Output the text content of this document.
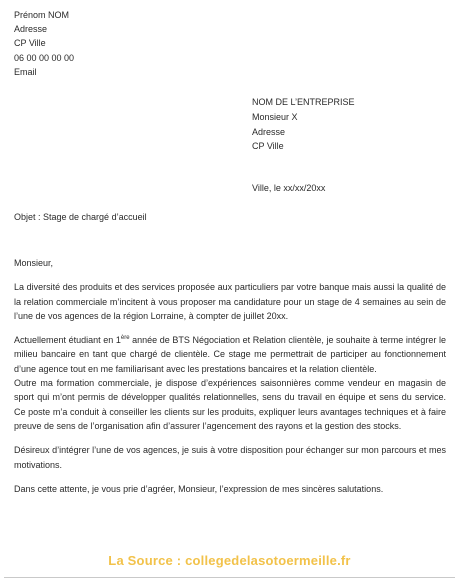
Prénom NOM
Adresse
CP Ville
06 00 00 00 00
Email
NOM DE L’ENTREPRISE
Monsieur X
Adresse
CP Ville
Ville, le xx/xx/20xx
Objet : Stage de chargé d’accueil

Monsieur,

La diversité des produits et des services proposée aux particuliers par votre banque mais aussi la qualité de la relation commerciale m’incitent à vous proposer ma candidature pour un stage de 4 semaines au sein de l’une de vos agences de la région Lorraine, à compter de juillet 20xx.

Actuellement étudiant en 1ère année de BTS Négociation et Relation clientèle, je souhaite à terme intégrer le milieu bancaire en tant que chargé de clientèle. Ce stage me permettrait de participer au fonctionnement d’une agence tout en me familiarisant avec les prestations bancaires et la relation clientèle.

Outre ma formation commerciale, je dispose d’expériences saisonnières comme vendeur en magasin de sport qui m’ont permis de développer qualités relationnelles, sens du travail en équipe et sens du service. Ce poste m’a conduit à conseiller les clients sur les produits, expliquer leurs avantages techniques et à faire preuve de sens de l’organisation afin d’assurer l’agencement des rayons et la gestion des stocks.

Désireux d’intégrer l’une de vos agences, je suis à votre disposition pour échanger sur mon parcours et mes motivations.

Dans cette attente, je vous prie d’agréer, Monsieur, l’expression de mes sincères salutations.

La Source : collegedelasotoermeille.fr
